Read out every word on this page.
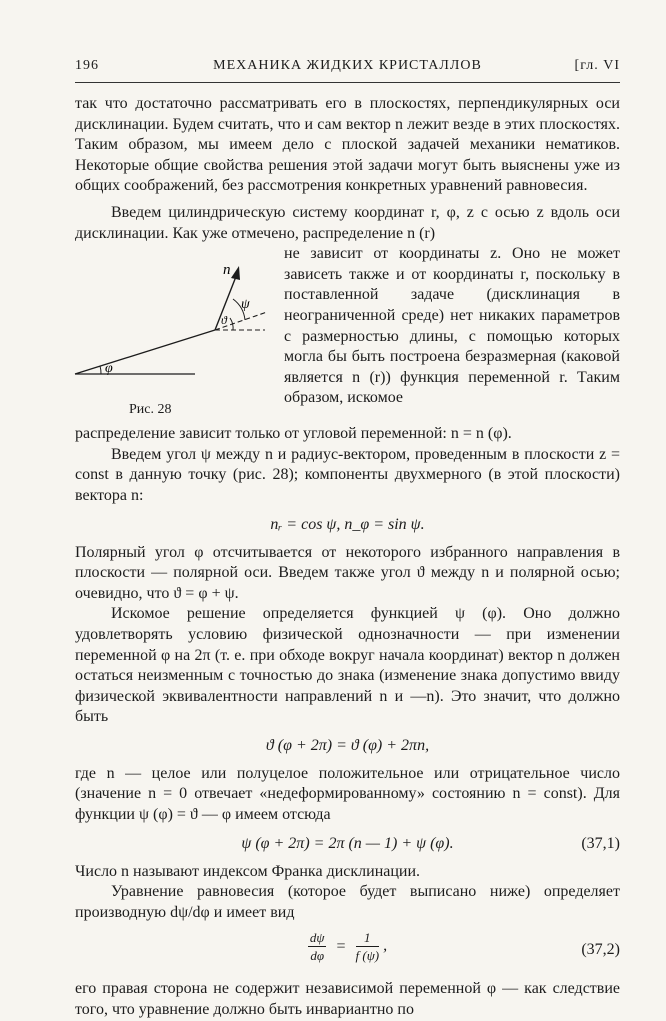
196	МЕХАНИКА ЖИДКИХ КРИСТАЛЛОВ	[гл. VI

так что достаточно рассматривать его в плоскостях, перпендикулярных оси дисклинации. Будем считать, что и сам вектор n лежит везде в этих плоскостях. Таким образом, мы имеем дело с плоской задачей механики нематиков. Некоторые общие свойства решения этой задачи могут быть выяснены уже из общих соображений, без рассмотрения конкретных уравнений равновесия.

Введем цилиндрическую систему координат r, φ, z с осью z вдоль оси дисклинации. Как уже отмечено, распределение n (r)

n
ψ
ϑ
φ
Рис. 28

не зависит от координаты z. Оно не может зависеть также и от координаты r, поскольку в поставленной задаче (дисклинация в неограниченной среде) нет никаких параметров с размерностью длины, с помощью которых могла бы быть построена безразмерная (каковой является n (r)) функция переменной r. Таким образом, искомое

распределение зависит только от угловой переменной: n = n (φ).

Введем угол ψ между n и радиус-вектором, проведенным в плоскости z = const в данную точку (рис. 28); компоненты двухмерного (в этой плоскости) вектора n:

nᵣ = cos ψ, n_φ = sin ψ.

Полярный угол φ отсчитывается от некоторого избранного направления в плоскости — полярной оси. Введем также угол ϑ между n и полярной осью; очевидно, что ϑ = φ + ψ.

Искомое решение определяется функцией ψ (φ). Оно должно удовлетворять условию физической однозначности — при изменении переменной φ на 2π (т. е. при обходе вокруг начала координат) вектор n должен остаться неизменным с точностью до знака (изменение знака допустимо ввиду физической эквивалентности направлений n и —n). Это значит, что должно быть

ϑ (φ + 2π) = ϑ (φ) + 2πn,

где n — целое или полуцелое положительное или отрицательное число (значение n = 0 отвечает «недеформированному» состоянию n = const). Для функции ψ (φ) = ϑ — φ имеем отсюда

ψ (φ + 2π) = 2π (n — 1) + ψ (φ).	(37,1)

Число n называют индексом Франка дисклинации.

Уравнение равновесия (которое будет выписано ниже) определяет производную dψ/dφ и имеет вид

$\frac{d\psi}{d\varphi} = \frac{1}{f (\psi)}$ ,	(37,2)

его правая сторона не содержит независимой переменной φ — как следствие того, что уравнение должно быть инвариантно по
